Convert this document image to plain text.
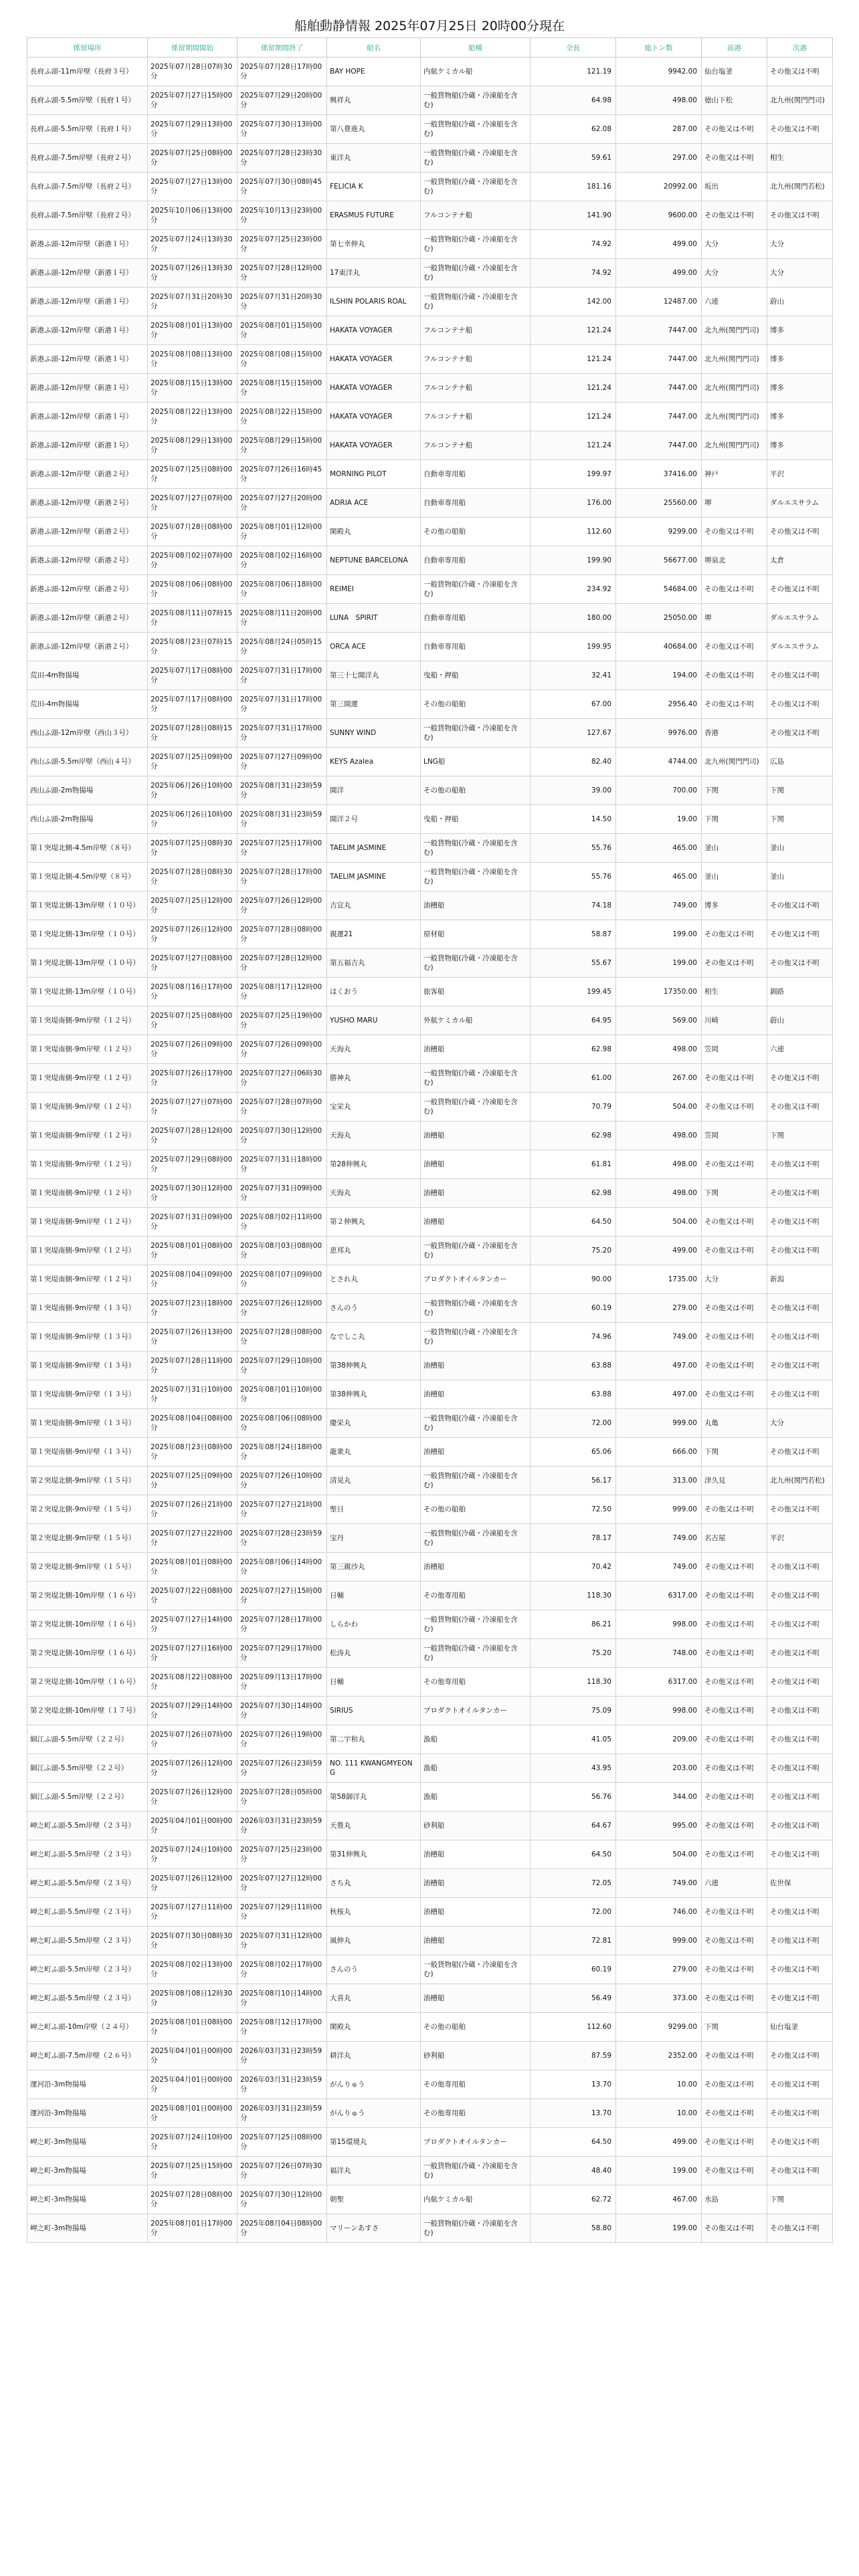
船舶動静情報 2025年07月25日 20時00分現在
係留場所	係留期間開始	係留期間終了	船名	船種	全長	総トン数	前港	次港
長府ふ頭-11m岸壁（長府３号）	2025年07月28日07時30分	2025年07月28日17時00分	BAY HOPE	内航ケミカル船	121.19	9942.00	仙台塩釜	その他又は不明
長府ふ頭-5.5m岸壁（長府１号）	2025年07月27日15時00分	2025年07月29日20時00分	興祥丸	一般貨物船(冷蔵・冷凍船を含む)	64.98	498.00	徳山下松	北九州(関門門司)
長府ふ頭-5.5m岸壁（長府１号）	2025年07月29日13時00分	2025年07月30日13時00分	第八豊進丸	一般貨物船(冷蔵・冷凍船を含む)	62.08	287.00	その他又は不明	その他又は不明
長府ふ頭-7.5m岸壁（長府２号）	2025年07月25日08時00分	2025年07月28日23時30分	東洋丸	一般貨物船(冷蔵・冷凍船を含む)	59.61	297.00	その他又は不明	相生
長府ふ頭-7.5m岸壁（長府２号）	2025年07月27日13時00分	2025年07月30日08時45分	FELICIA K	一般貨物船(冷蔵・冷凍船を含む)	181.16	20992.00	坂出	北九州(関門若松)
長府ふ頭-7.5m岸壁（長府２号）	2025年10月06日13時00分	2025年10月13日23時00分	ERASMUS FUTURE	フルコンテナ船	141.90	9600.00	その他又は不明	その他又は不明
新港ふ頭-12m岸壁（新港１号）	2025年07月24日13時30分	2025年07月25日23時00分	第七幸伸丸	一般貨物船(冷蔵・冷凍船を含む)	74.92	499.00	大分	大分
新港ふ頭-12m岸壁（新港１号）	2025年07月26日13時30分	2025年07月28日12時00分	17東洋丸	一般貨物船(冷蔵・冷凍船を含む)	74.92	499.00	大分	大分
新港ふ頭-12m岸壁（新港１号）	2025年07月31日20時30分	2025年07月31日20時30分	ILSHIN POLARIS ROAL	一般貨物船(冷蔵・冷凍船を含む)	142.00	12487.00	六連	蔚山
新港ふ頭-12m岸壁（新港１号）	2025年08月01日13時00分	2025年08月01日15時00分	HAKATA VOYAGER	フルコンテナ船	121.24	7447.00	北九州(関門門司)	博多
新港ふ頭-12m岸壁（新港１号）	2025年08月08日13時00分	2025年08月08日15時00分	HAKATA VOYAGER	フルコンテナ船	121.24	7447.00	北九州(関門門司)	博多
新港ふ頭-12m岸壁（新港１号）	2025年08月15日13時00分	2025年08月15日15時00分	HAKATA VOYAGER	フルコンテナ船	121.24	7447.00	北九州(関門門司)	博多
新港ふ頭-12m岸壁（新港１号）	2025年08月22日13時00分	2025年08月22日15時00分	HAKATA VOYAGER	フルコンテナ船	121.24	7447.00	北九州(関門門司)	博多
新港ふ頭-12m岸壁（新港１号）	2025年08月29日13時00分	2025年08月29日15時00分	HAKATA VOYAGER	フルコンテナ船	121.24	7447.00	北九州(関門門司)	博多
新港ふ頭-12m岸壁（新港２号）	2025年07月25日08時00分	2025年07月26日16時45分	MORNING PILOT	自動車専用船	199.97	37416.00	神戸	平沢
新港ふ頭-12m岸壁（新港２号）	2025年07月27日07時00分	2025年07月27日20時00分	ADRIA ACE	自動車専用船	176.00	25560.00	堺	ダルエスサラム
新港ふ頭-12m岸壁（新港２号）	2025年07月28日08時00分	2025年08月01日12時00分	閑殿丸	その他の船舶	112.60	9299.00	その他又は不明	その他又は不明
新港ふ頭-12m岸壁（新港２号）	2025年08月02日07時00分	2025年08月02日16時00分	NEPTUNE BARCELONA	自動車専用船	199.90	56677.00	堺泉北	太倉
新港ふ頭-12m岸壁（新港２号）	2025年08月06日08時00分	2025年08月06日18時00分	REIMEI	一般貨物船(冷蔵・冷凍船を含む)	234.92	54684.00	その他又は不明	その他又は不明
新港ふ頭-12m岸壁（新港２号）	2025年08月11日07時15分	2025年08月11日20時00分	LUNA　SPIRIT	自動車専用船	180.00	25050.00	堺	ダルエスサラム
新港ふ頭-12m岸壁（新港２号）	2025年08月23日07時15分	2025年08月24日05時15分	ORCA ACE	自動車専用船	199.95	40684.00	その他又は不明	ダルエスサラム
荒田-4m物揚場	2025年07月17日08時00分	2025年07月31日17時00分	第三十七開洋丸	曳船・押船	32.41	194.00	その他又は不明	その他又は不明
荒田-4m物揚場	2025年07月17日08時00分	2025年07月31日17時00分	第三開運	その他の船舶	67.00	2956.40	その他又は不明	その他又は不明
西山ふ頭-12m岸壁（西山３号）	2025年07月28日08時15分	2025年07月31日17時00分	SUNNY WIND	一般貨物船(冷蔵・冷凍船を含む)	127.67	9976.00	香港	その他又は不明
西山ふ頭-5.5m岸壁（西山４号）	2025年07月25日09時00分	2025年07月27日09時00分	KEYS Azalea	LNG船	82.40	4744.00	北九州(関門門司)	広島
西山ふ頭-2m物揚場	2025年06月26日10時00分	2025年08月31日23時59分	開洋	その他の船舶	39.00	700.00	下関	下関
西山ふ頭-2m物揚場	2025年06月26日10時00分	2025年08月31日23時59分	開洋２号	曳船・押船	14.50	19.00	下関	下関
第１突堤北側-4.5m岸壁（８号）	2025年07月25日08時30分	2025年07月25日17時00分	TAELIM JASMINE	一般貨物船(冷蔵・冷凍船を含む)	55.76	465.00	釜山	釜山
第１突堤北側-4.5m岸壁（８号）	2025年07月28日08時30分	2025年07月28日17時00分	TAELIM JASMINE	一般貨物船(冷蔵・冷凍船を含む)	55.76	465.00	釜山	釜山
第１突堤北側-13m岸壁（１０号）	2025年07月25日12時00分	2025年07月26日12時00分	吉宣丸	油槽船	74.18	749.00	博多	その他又は不明
第１突堤北側-13m岸壁（１０号）	2025年07月26日12時00分	2025年07月28日08時00分	親運21	原材船	58.87	199.00	その他又は不明	その他又は不明
第１突堤北側-13m岸壁（１０号）	2025年07月27日08時00分	2025年07月28日12時00分	第五福吉丸	一般貨物船(冷蔵・冷凍船を含む)	55.67	199.00	その他又は不明	その他又は不明
第１突堤北側-13m岸壁（１０号）	2025年08月16日17時00分	2025年08月17日12時00分	はくおう	旅客船	199.45	17350.00	相生	釧路
第１突堤南側-9m岸壁（１２号）	2025年07月25日08時00分	2025年07月25日19時00分	YUSHO MARU	外航ケミカル船	64.95	569.00	川崎	蔚山
第１突堤南側-9m岸壁（１２号）	2025年07月26日09時00分	2025年07月26日09時00分	天海丸	油槽船	62.98	498.00	笠岡	六連
第１突堤南側-9m岸壁（１２号）	2025年07月26日17時00分	2025年07月27日06時30分	勝神丸	一般貨物船(冷蔵・冷凍船を含む)	61.00	267.00	その他又は不明	その他又は不明
第１突堤南側-9m岸壁（１２号）	2025年07月27日07時00分	2025年07月28日07時00分	宝栄丸	一般貨物船(冷蔵・冷凍船を含む)	70.79	504.00	その他又は不明	その他又は不明
第１突堤南側-9m岸壁（１２号）	2025年07月28日12時00分	2025年07月30日12時00分	天海丸	油槽船	62.98	498.00	笠岡	下関
第１突堤南側-9m岸壁（１２号）	2025年07月29日08時00分	2025年07月31日18時00分	第28伸興丸	油槽船	61.81	498.00	その他又は不明	その他又は不明
第１突堤南側-9m岸壁（１２号）	2025年07月30日12時00分	2025年07月31日09時00分	天海丸	油槽船	62.98	498.00	下関	その他又は不明
第１突堤南側-9m岸壁（１２号）	2025年07月31日09時00分	2025年08月02日11時00分	第２伸興丸	油槽船	64.50	504.00	その他又は不明	その他又は不明
第１突堤南側-9m岸壁（１２号）	2025年08月01日08時00分	2025年08月03日08時00分	恵邦丸	一般貨物船(冷蔵・冷凍船を含む)	75.20	499.00	その他又は不明	その他又は不明
第１突堤南側-9m岸壁（１２号）	2025年08月04日09時00分	2025年08月07日09時00分	とされ丸	プロダクトオイルタンカー	90.00	1735.00	大分	新潟
第１突堤南側-9m岸壁（１３号）	2025年07月23日18時00分	2025年07月26日12時00分	さんのう	一般貨物船(冷蔵・冷凍船を含む)	60.19	279.00	その他又は不明	その他又は不明
第１突堤南側-9m岸壁（１３号）	2025年07月26日13時00分	2025年07月28日08時00分	なでしこ丸	一般貨物船(冷蔵・冷凍船を含む)	74.96	749.00	その他又は不明	その他又は不明
第１突堤南側-9m岸壁（１３号）	2025年07月28日11時00分	2025年07月29日10時00分	第38伸興丸	油槽船	63.88	497.00	その他又は不明	その他又は不明
第１突堤南側-9m岸壁（１３号）	2025年07月31日10時00分	2025年08月01日10時00分	第38伸興丸	油槽船	63.88	497.00	その他又は不明	その他又は不明
第１突堤南側-9m岸壁（１３号）	2025年08月04日08時00分	2025年08月06日08時00分	慶栄丸	一般貨物船(冷蔵・冷凍船を含む)	72.00	999.00	丸亀	大分
第１突堤南側-9m岸壁（１３号）	2025年08月23日08時00分	2025年08月24日18時00分	龍衆丸	油槽船	65.06	666.00	下関	その他又は不明
第２突堤北側-9m岸壁（１５号）	2025年07月25日09時00分	2025年07月26日10時00分	清晃丸	一般貨物船(冷蔵・冷凍船を含む)	56.17	313.00	津久見	北九州(関門若松)
第２突堤北側-9m岸壁（１５号）	2025年07月26日21時00分	2025年07月27日21時00分	聖日	その他の船舶	72.50	999.00	その他又は不明	その他又は不明
第２突堤北側-9m岸壁（１５号）	2025年07月27日22時00分	2025年07月28日23時59分	宝丹	一般貨物船(冷蔵・冷凍船を含む)	78.17	749.00	名古屋	平沢
第２突堤北側-9m岸壁（１５号）	2025年08月01日08時00分	2025年08月06日14時00分	第三親沙丸	油槽船	70.42	749.00	その他又は不明	その他又は不明
第２突堤北側-10m岸壁（１６号）	2025年07月22日08時00分	2025年07月27日15時00分	日輔	その他専用船	118.30	6317.00	その他又は不明	その他又は不明
第２突堤北側-10m岸壁（１６号）	2025年07月27日14時00分	2025年07月28日17時00分	しらかわ	一般貨物船(冷蔵・冷凍船を含む)	86.21	998.00	その他又は不明	その他又は不明
第２突堤北側-10m岸壁（１６号）	2025年07月27日16時00分	2025年07月29日17時00分	松涛丸	一般貨物船(冷蔵・冷凍船を含む)	75.20	748.00	その他又は不明	その他又は不明
第２突堤北側-10m岸壁（１６号）	2025年08月22日08時00分	2025年09月13日17時00分	日輔	その他専用船	118.30	6317.00	その他又は不明	その他又は不明
第２突堤北側-10m岸壁（１７号）	2025年07月29日14時00分	2025年07月30日14時00分	SIRIUS	プロダクトオイルタンカー	75.09	998.00	その他又は不明	その他又は不明
細江ふ頭-5.5m岸壁（２２号）	2025年07月26日07時00分	2025年07月26日19時00分	第二宇和丸	漁船	41.05	209.00	その他又は不明	その他又は不明
細江ふ頭-5.5m岸壁（２２号）	2025年07月26日12時00分	2025年07月26日23時59分	NO. 111 KWANGMYEONG	漁船	43.95	203.00	その他又は不明	その他又は不明
細江ふ頭-5.5m岸壁（２２号）	2025年07月26日12時00分	2025年07月28日05時00分	第58御洋丸	漁船	56.76	344.00	その他又は不明	その他又は不明
岬之町ふ頭-5.5m岸壁（２３号）	2025年04月01日00時00分	2026年03月31日23時59分	天豊丸	砂利船	64.67	995.00	その他又は不明	その他又は不明
岬之町ふ頭-5.5m岸壁（２３号）	2025年07月24日10時00分	2025年07月25日23時00分	第31伸興丸	油槽船	64.50	504.00	その他又は不明	その他又は不明
岬之町ふ頭-5.5m岸壁（２３号）	2025年07月26日12時00分	2025年07月27日12時00分	さち丸	油槽船	72.05	749.00	六連	佐世保
岬之町ふ頭-5.5m岸壁（２３号）	2025年07月27日11時00分	2025年07月29日11時00分	秋桜丸	油槽船	72.00	746.00	その他又は不明	その他又は不明
岬之町ふ頭-5.5m岸壁（２３号）	2025年07月30日08時30分	2025年07月31日12時00分	風伸丸	油槽船	72.81	999.00	その他又は不明	その他又は不明
岬之町ふ頭-5.5m岸壁（２３号）	2025年08月02日13時00分	2025年08月02日17時00分	さんのう	一般貨物船(冷蔵・冷凍船を含む)	60.19	279.00	その他又は不明	その他又は不明
岬之町ふ頭-5.5m岸壁（２３号）	2025年08月08日12時30分	2025年08月10日14時00分	大喜丸	油槽船	56.49	373.00	その他又は不明	その他又は不明
岬之町ふ頭-10m岸壁（２４号）	2025年08月01日08時00分	2025年08月12日17時00分	閑殿丸	その他の船舶	112.60	9299.00	下関	仙台塩釜
岬之町ふ頭-7.5m岸壁（２６号）	2025年04月01日00時00分	2026年03月31日23時59分	耕洋丸	砂利船	87.59	2352.00	その他又は不明	その他又は不明
運河沿-3m物揚場	2025年04月01日00時00分	2026年03月31日23時59分	がんりゅう	その他専用船	13.70	10.00	その他又は不明	その他又は不明
運河沿-3m物揚場	2025年08月01日00時00分	2026年03月31日23時59分	がんりゅう	その他専用船	13.70	10.00	その他又は不明	その他又は不明
岬之町-3m物揚場	2025年07月24日10時00分	2025年07月25日08時00分	第15環境丸	プロダクトオイルタンカー	64.50	499.00	その他又は不明	その他又は不明
岬之町-3m物揚場	2025年07月25日15時00分	2025年07月26日07時30分	福洋丸	一般貨物船(冷蔵・冷凍船を含む)	48.40	199.00	その他又は不明	その他又は不明
岬之町-3m物揚場	2025年07月28日08時00分	2025年07月30日12時00分	朝聖	内航ケミカル船	62.72	467.00	水島	下関
岬之町-3m物揚場	2025年08月01日17時00分	2025年08月04日08時00分	マリーンあすさ	一般貨物船(冷蔵・冷凍船を含む)	58.80	199.00	その他又は不明	その他又は不明
